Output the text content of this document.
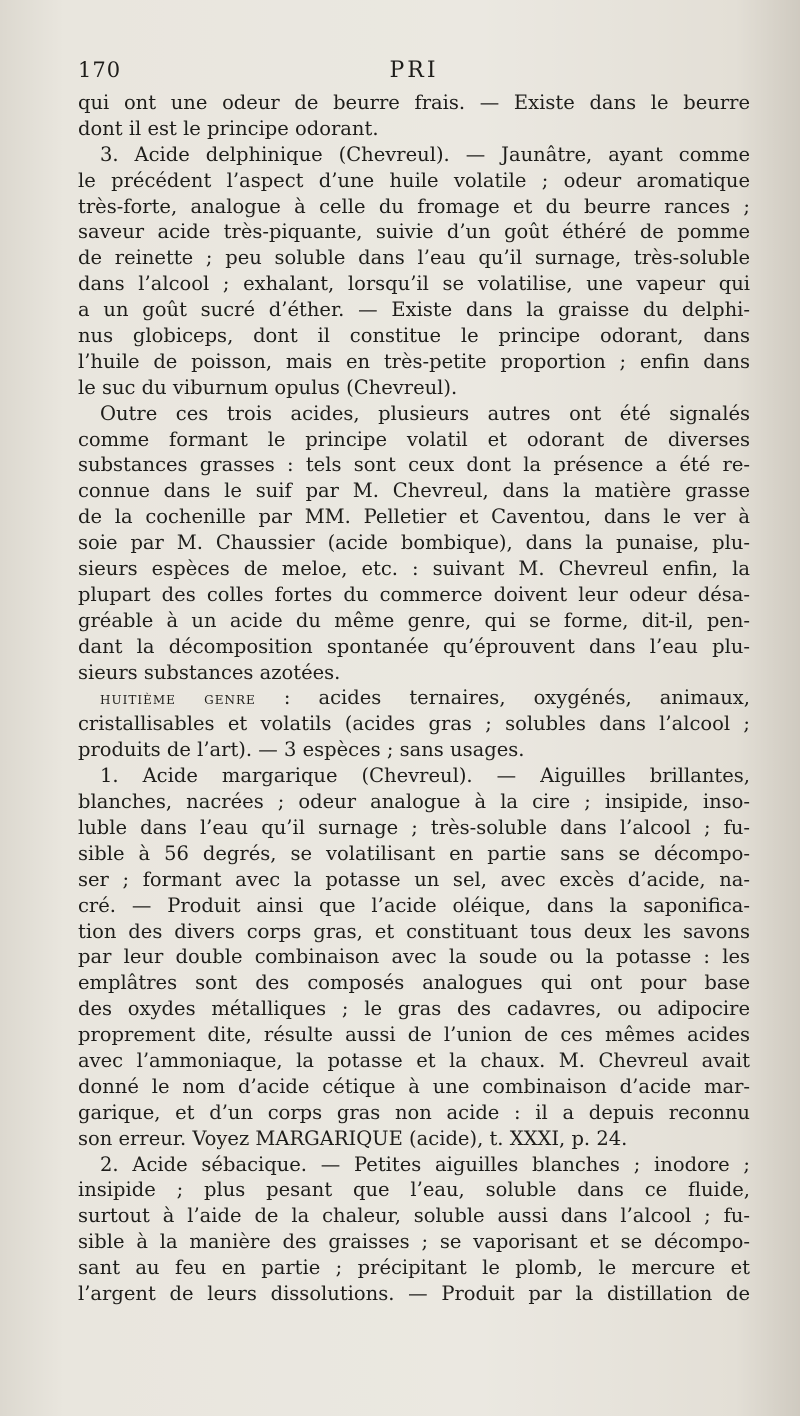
170	PRI
qui ont une odeur de beurre frais. — Existe dans le beurre
dont il est le principe odorant.
3. Acide delphinique (Chevreul). — Jaunâtre, ayant comme
le précédent l’aspect d’une huile volatile ; odeur aromatique
très-forte, analogue à celle du fromage et du beurre rances ;
saveur acide très-piquante, suivie d’un goût éthéré de pomme
de reinette ; peu soluble dans l’eau qu’il surnage, très-soluble
dans l’alcool ; exhalant, lorsqu’il se volatilise, une vapeur qui
a un goût sucré d’éther. — Existe dans la graisse du delphi-
nus globiceps, dont il constitue le principe odorant, dans
l’huile de poisson, mais en très-petite proportion ; enfin dans
le suc du viburnum opulus (Chevreul).
Outre ces trois acides, plusieurs autres ont été signalés
comme formant le principe volatil et odorant de diverses
substances grasses : tels sont ceux dont la présence a été re-
connue dans le suif par M. Chevreul, dans la matière grasse
de la cochenille par MM. Pelletier et Caventou, dans le ver à
soie par M. Chaussier (acide bombique), dans la punaise, plu-
sieurs espèces de meloe, etc. : suivant M. Chevreul enfin, la
plupart des colles fortes du commerce doivent leur odeur désa-
gréable à un acide du même genre, qui se forme, dit-il, pen-
dant la décomposition spontanée qu’éprouvent dans l’eau plu-
sieurs substances azotées.
huitième genre : acides ternaires, oxygénés, animaux,
cristallisables et volatils (acides gras ; solubles dans l’alcool ;
produits de l’art). — 3 espèces ; sans usages.
1. Acide margarique (Chevreul). — Aiguilles brillantes,
blanches, nacrées ; odeur analogue à la cire ; insipide, inso-
luble dans l’eau qu’il surnage ; très-soluble dans l’alcool ; fu-
sible à 56 degrés, se volatilisant en partie sans se décompo-
ser ; formant avec la potasse un sel, avec excès d’acide, na-
cré. — Produit ainsi que l’acide oléique, dans la saponifica-
tion des divers corps gras, et constituant tous deux les savons
par leur double combinaison avec la soude ou la potasse : les
emplâtres sont des composés analogues qui ont pour base
des oxydes métalliques ; le gras des cadavres, ou adipocire
proprement dite, résulte aussi de l’union de ces mêmes acides
avec l’ammoniaque, la potasse et la chaux. M. Chevreul avait
donné le nom d’acide cétique à une combinaison d’acide mar-
garique, et d’un corps gras non acide : il a depuis reconnu
son erreur. Voyez MARGARIQUE (acide), t. XXXI, p. 24.
2. Acide sébacique. — Petites aiguilles blanches ; inodore ;
insipide ; plus pesant que l’eau, soluble dans ce fluide,
surtout à l’aide de la chaleur, soluble aussi dans l’alcool ; fu-
sible à la manière des graisses ; se vaporisant et se décompo-
sant au feu en partie ; précipitant le plomb, le mercure et
l’argent de leurs dissolutions. — Produit par la distillation de
